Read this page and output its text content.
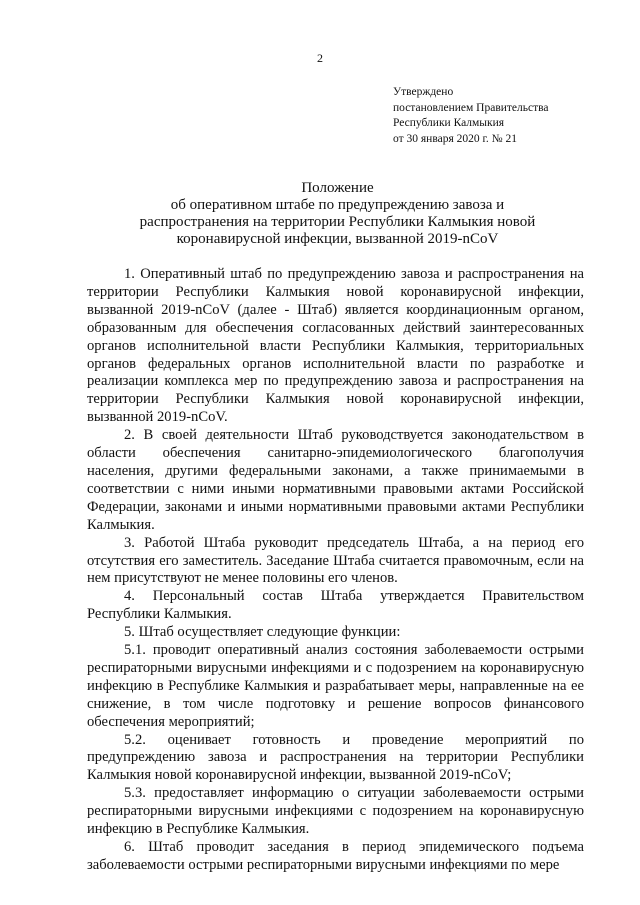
2
Утверждено
постановлением Правительства
Республики Калмыкия
от 30 января 2020 г. № 21
Положение
об оперативном штабе по предупреждению завоза и
распространения на территории Республики Калмыкия новой
коронавирусной инфекции, вызванной 2019-nCoV

1. Оперативный штаб по предупреждению завоза и распространения на территории Республики Калмыкия новой коронавирусной инфекции, вызванной 2019-nCoV (далее - Штаб) является координационным органом, образованным для обеспечения согласованных действий заинтересованных органов исполнительной власти Республики Калмыкия, территориальных органов федеральных органов исполнительной власти по разработке и реализации комплекса мер по предупреждению завоза и распространения на территории Республики Калмыкия новой коронавирусной инфекции, вызванной 2019-nCoV.

2. В своей деятельности Штаб руководствуется законодательством в области обеспечения санитарно-эпидемиологического благополучия населения, другими федеральными законами, а также принимаемыми в соответствии с ними иными нормативными правовыми актами Российской Федерации, законами и иными нормативными правовыми актами Республики Калмыкия.

3. Работой Штаба руководит председатель Штаба, а на период его отсутствия его заместитель. Заседание Штаба считается правомочным, если на нем присутствуют не менее половины его членов.

4. Персональный состав Штаба утверждается Правительством Республики Калмыкия.

5. Штаб осуществляет следующие функции:

5.1. проводит оперативный анализ состояния заболеваемости острыми респираторными вирусными инфекциями и с подозрением на коронавирусную инфекцию в Республике Калмыкия и разрабатывает меры, направленные на ее снижение, в том числе подготовку и решение вопросов финансового обеспечения мероприятий;

5.2. оценивает готовность и проведение мероприятий по предупреждению завоза и распространения на территории Республики Калмыкия новой коронавирусной инфекции, вызванной 2019-nCoV;

5.3. предоставляет информацию о ситуации заболеваемости острыми респираторными вирусными инфекциями с подозрением на коронавирусную инфекцию в Республике Калмыкия.

6. Штаб проводит заседания в период эпидемического подъема заболеваемости острыми респираторными вирусными инфекциями по мере
